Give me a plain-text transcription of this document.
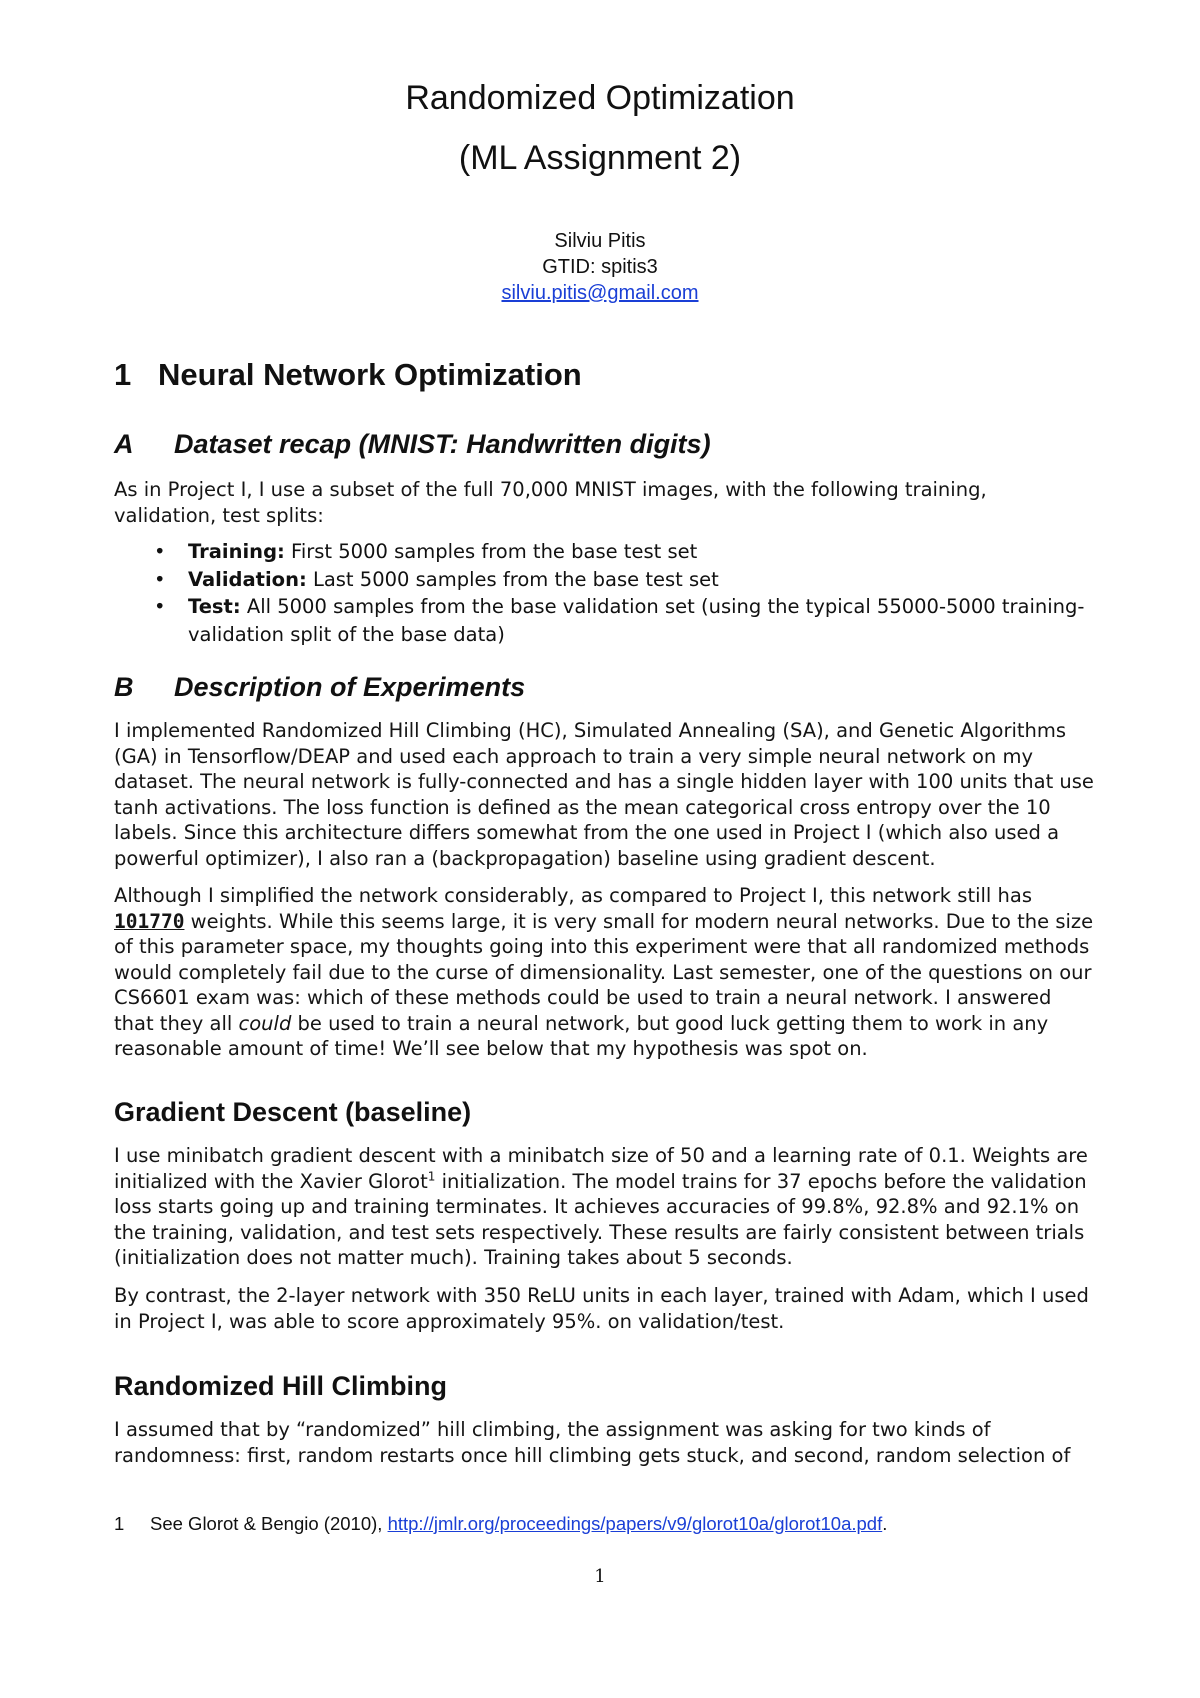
Randomized Optimization
(ML Assignment 2)
Silviu Pitis
GTID: spitis3
silviu.pitis@gmail.com
1 Neural Network Optimization
A Dataset recap (MNIST: Handwritten digits)
As in Project I, I use a subset of the full 70,000 MNIST images, with the following training, validation, test splits:
• Training: First 5000 samples from the base test set
• Validation: Last 5000 samples from the base test set
• Test: All 5000 samples from the base validation set (using the typical 55000-5000 training-validation split of the base data)
B Description of Experiments
I implemented Randomized Hill Climbing (HC), Simulated Annealing (SA), and Genetic Algorithms (GA) in Tensorflow/DEAP and used each approach to train a very simple neural network on my dataset. The neural network is fully-connected and has a single hidden layer with 100 units that use tanh activations. The loss function is defined as the mean categorical cross entropy over the 10 labels. Since this architecture differs somewhat from the one used in Project I (which also used a powerful optimizer), I also ran a (backpropagation) baseline using gradient descent.
Although I simplified the network considerably, as compared to Project I, this network still has 101770 weights. While this seems large, it is very small for modern neural networks. Due to the size of this parameter space, my thoughts going into this experiment were that all randomized methods would completely fail due to the curse of dimensionality. Last semester, one of the questions on our CS6601 exam was: which of these methods could be used to train a neural network. I answered that they all could be used to train a neural network, but good luck getting them to work in any reasonable amount of time! We’ll see below that my hypothesis was spot on.
Gradient Descent (baseline)
I use minibatch gradient descent with a minibatch size of 50 and a learning rate of 0.1. Weights are initialized with the Xavier Glorot$^1$ initialization. The model trains for 37 epochs before the validation loss starts going up and training terminates. It achieves accuracies of 99.8%, 92.8% and 92.1% on the training, validation, and test sets respectively. These results are fairly consistent between trials (initialization does not matter much). Training takes about 5 seconds.
By contrast, the 2-layer network with 350 ReLU units in each layer, trained with Adam, which I used in Project I, was able to score approximately 95%. on validation/test.
Randomized Hill Climbing
I assumed that by “randomized” hill climbing, the assignment was asking for two kinds of randomness: first, random restarts once hill climbing gets stuck, and second, random selection of
1 See Glorot & Bengio (2010), http://jmlr.org/proceedings/papers/v9/glorot10a/glorot10a.pdf.
1
